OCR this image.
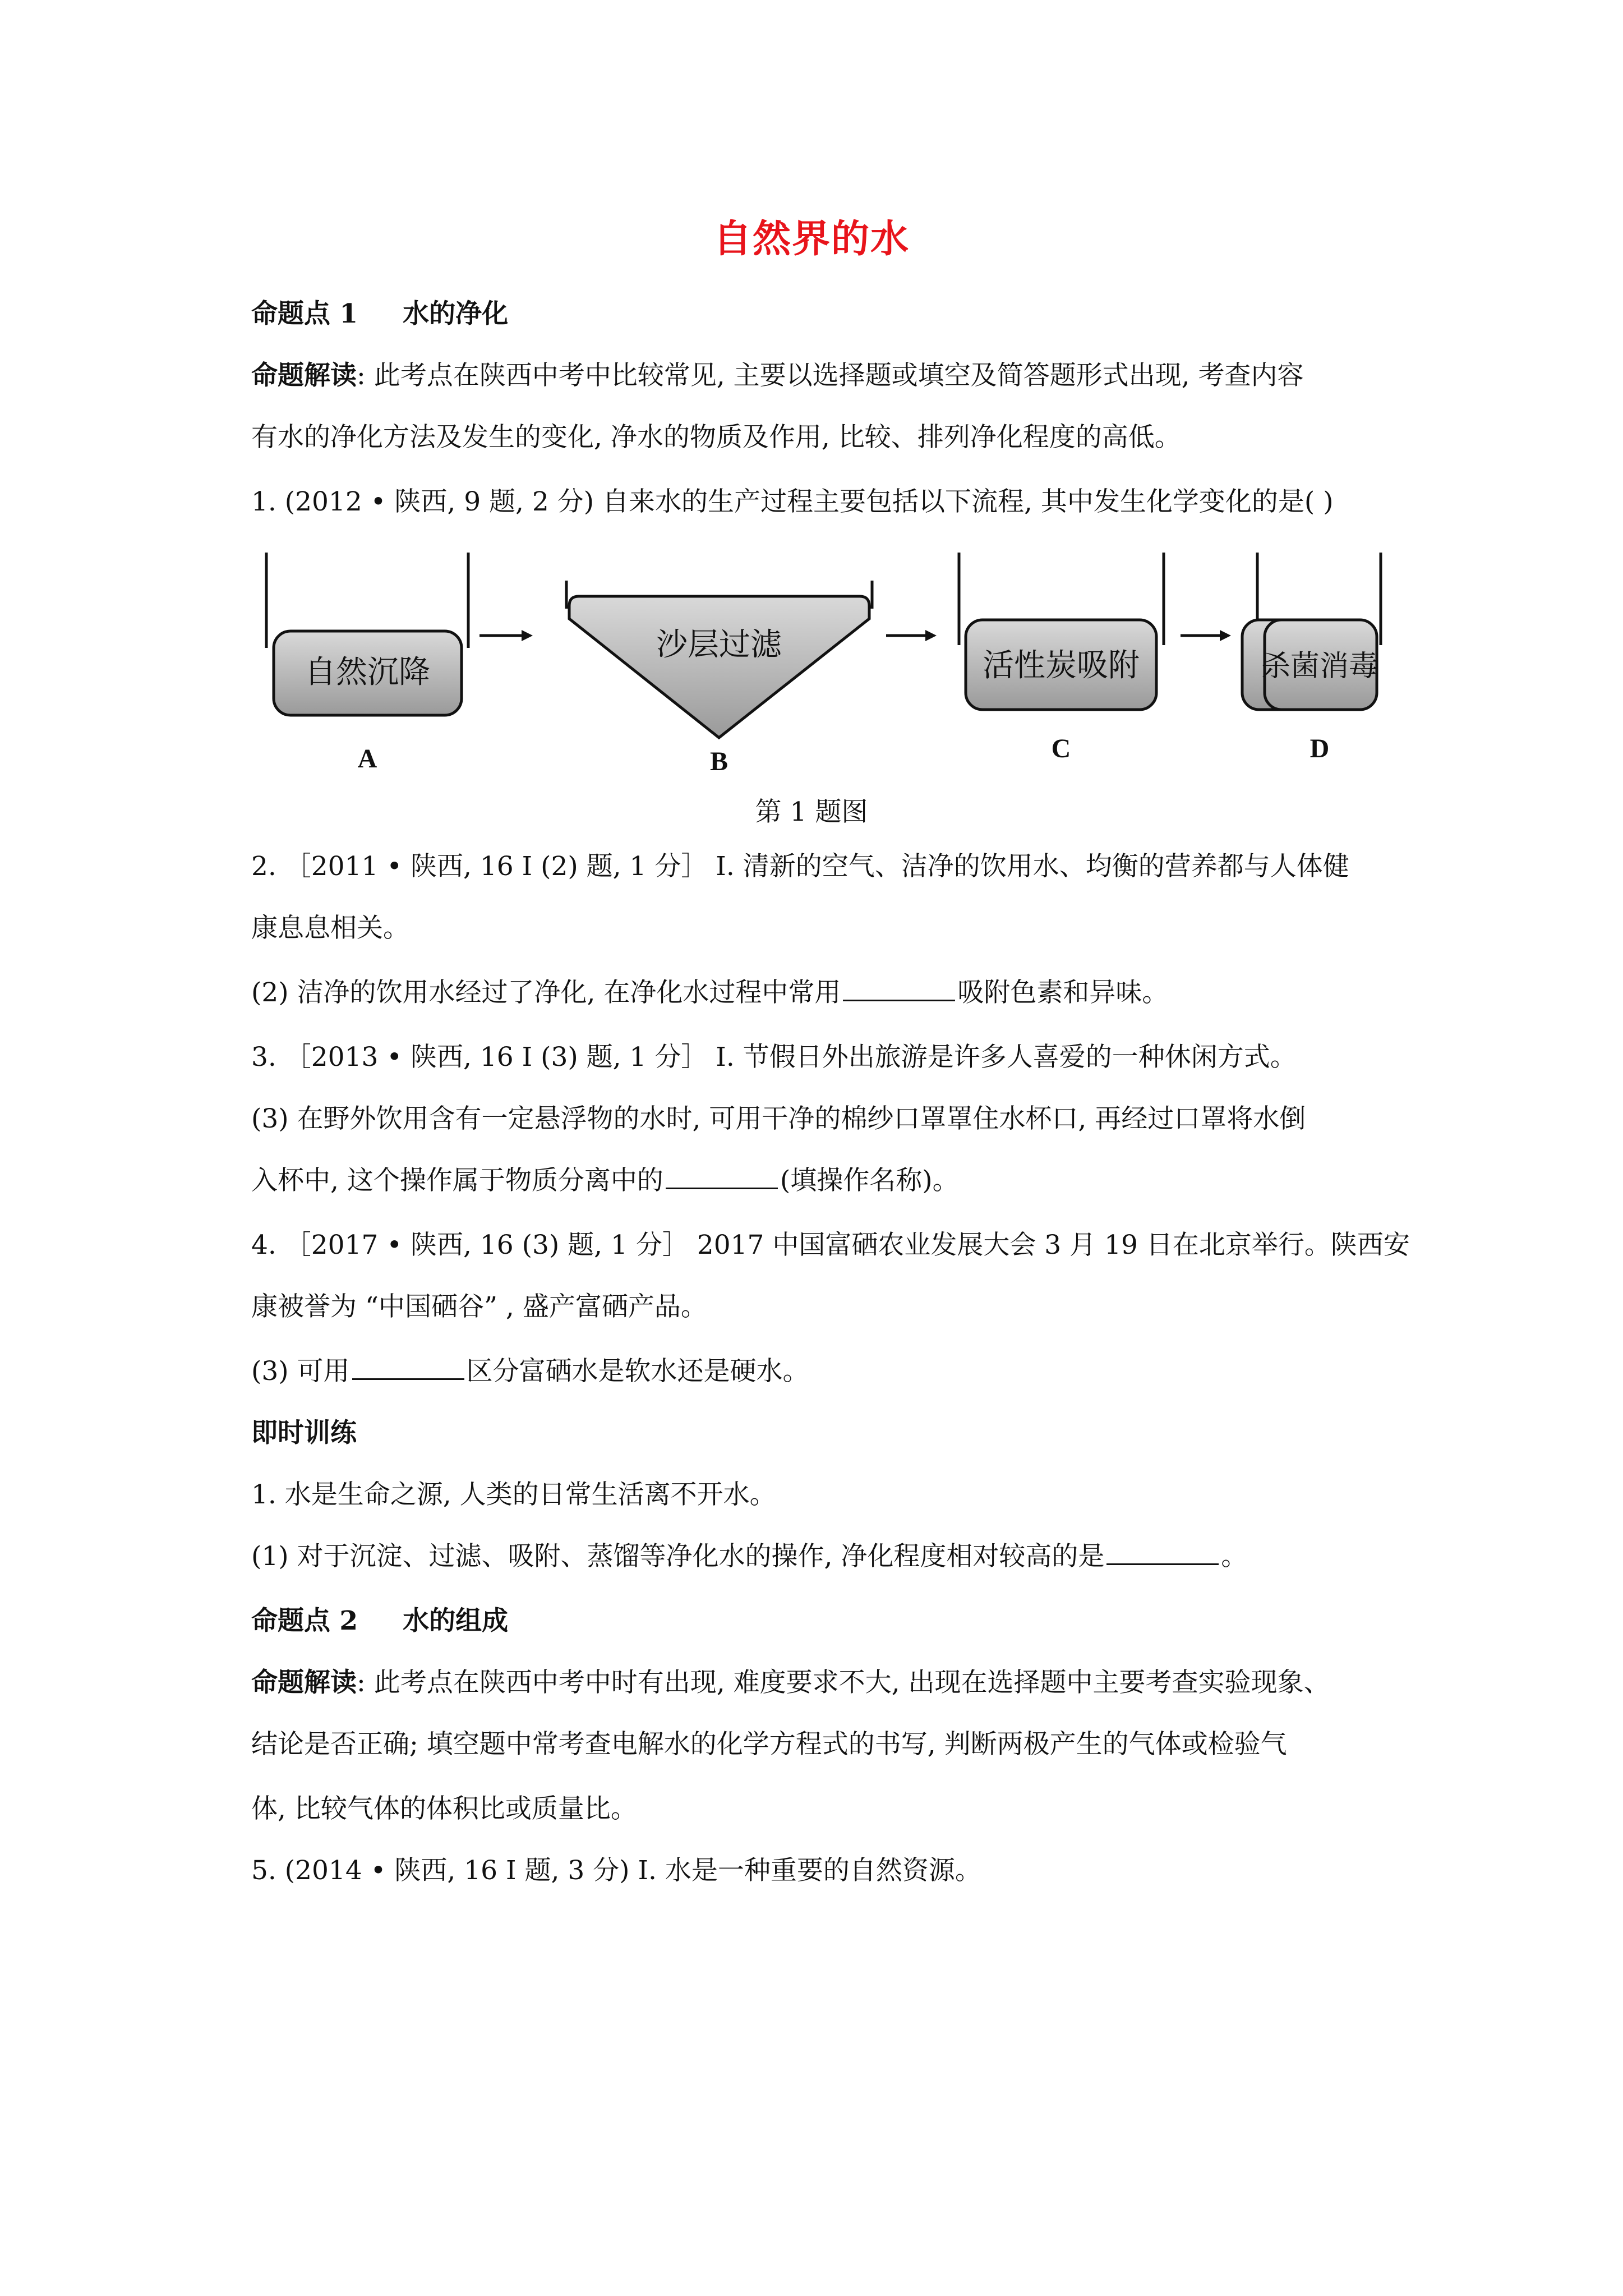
自然界的水
命题点 1 水的净化
命题解读: 此考点在陕西中考中比较常见, 主要以选择题或填空及简答题形式出现, 考查内容
有水的净化方法及发生的变化, 净水的物质及作用, 比较、排列净化程度的高低。
1. (2012 • 陕西, 9 题, 2 分) 自来水的生产过程主要包括以下流程, 其中发生化学变化的是( )
自然沉降
A
沙层过滤
B
活性炭吸附
C
杀菌消毒
D
第 1 题图
2. ［2011 • 陕西, 16 Ⅰ (2) 题, 1 分］ Ⅰ. 清新的空气、洁净的饮用水、均衡的营养都与人体健
康息息相关。
(2) 洁净的饮用水经过了净化, 在净化水过程中常用	吸附色素和异味。
3. ［2013 • 陕西, 16 Ⅰ (3) 题, 1 分］ Ⅰ. 节假日外出旅游是许多人喜爱的一种休闲方式。
(3) 在野外饮用含有一定悬浮物的水时, 可用干净的棉纱口罩罩住水杯口, 再经过口罩将水倒
入杯中, 这个操作属于物质分离中的	(填操作名称)。
4. ［2017 • 陕西, 16 (3) 题, 1 分］ 2017 中国富硒农业发展大会 3 月 19 日在北京举行。陕西安
康被誉为 “中国硒谷” , 盛产富硒产品。
(3) 可用	区分富硒水是软水还是硬水。
即时训练
1. 水是生命之源, 人类的日常生活离不开水。
(1) 对于沉淀、过滤、吸附、蒸馏等净化水的操作, 净化程度相对较高的是	。
命题点 2 水的组成
命题解读: 此考点在陕西中考中时有出现, 难度要求不大, 出现在选择题中主要考查实验现象、
结论是否正确; 填空题中常考查电解水的化学方程式的书写, 判断两极产生的气体或检验气
体, 比较气体的体积比或质量比。
5. (2014 • 陕西, 16 Ⅰ 题, 3 分) Ⅰ. 水是一种重要的自然资源。
